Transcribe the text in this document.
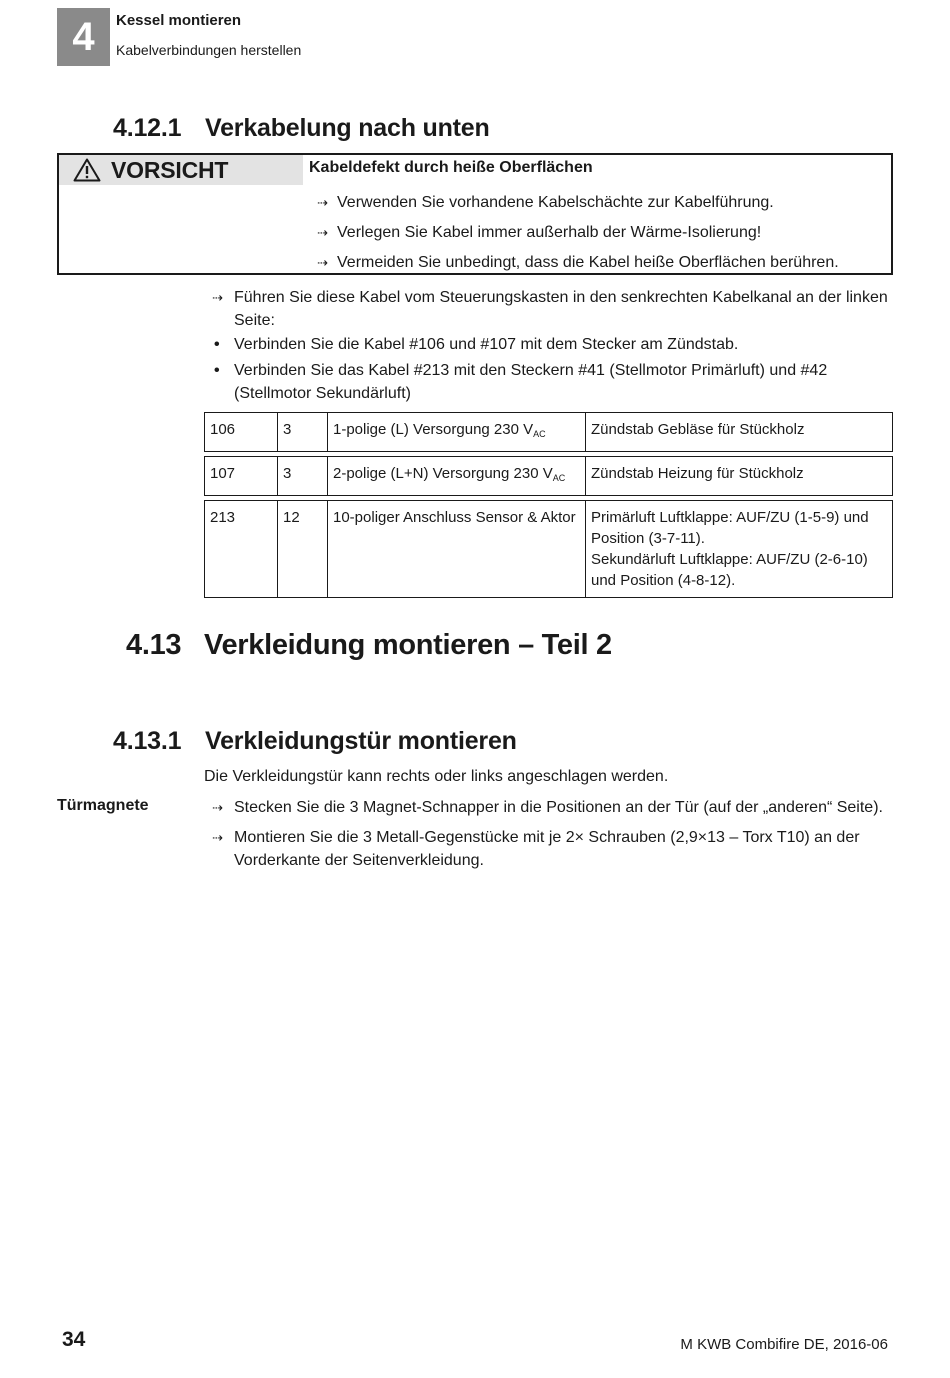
4	Kessel montieren
Kabelverbindungen herstellen
4.12.1 Verkabelung nach unten
VORSICHT	Kabeldefekt durch heiße Oberflächen
⇢ Verwenden Sie vorhandene Kabelschächte zur Kabelführung.
⇢ Verlegen Sie Kabel immer außerhalb der Wärme-Isolierung!
⇢ Vermeiden Sie unbedingt, dass die Kabel heiße Oberflächen berühren.
⇢ Führen Sie diese Kabel vom Steuerungskasten in den senkrechten Kabelkanal an der linken Seite:
• Verbinden Sie die Kabel #106 und #107 mit dem Stecker am Zündstab.
• Verbinden Sie das Kabel #213 mit den Steckern #41 (Stellmotor Primärluft) und #42 (Stellmotor Sekundärluft)
106	3	1-polige (L) Versorgung 230 $V_{AC}$	Zündstab Gebläse für Stückholz
107	3	2-polige (L+N) Versorgung 230 $V_{AC}$	Zündstab Heizung für Stückholz
213	12	10-poliger Anschluss Sensor & Aktor	Primärluft Luftklappe: AUF/ZU (1-5-9) und
Position (3-7-11).
Sekundärluft Luftklappe: AUF/ZU (2-6-10)
und Position (4-8-12).
4.13 Verkleidung montieren – Teil 2
4.13.1 Verkleidungstür montieren
Die Verkleidungstür kann rechts oder links angeschlagen werden.
Türmagnete	⇢ Stecken Sie die 3 Magnet-Schnapper in die Positionen an der Tür (auf der „anderen“ Seite).
⇢ Montieren Sie die 3 Metall-Gegenstücke mit je 2× Schrauben (2,9×13 – Torx T10) an der Vorderkante der Seitenverkleidung.
34	M KWB Combifire DE, 2016-06
